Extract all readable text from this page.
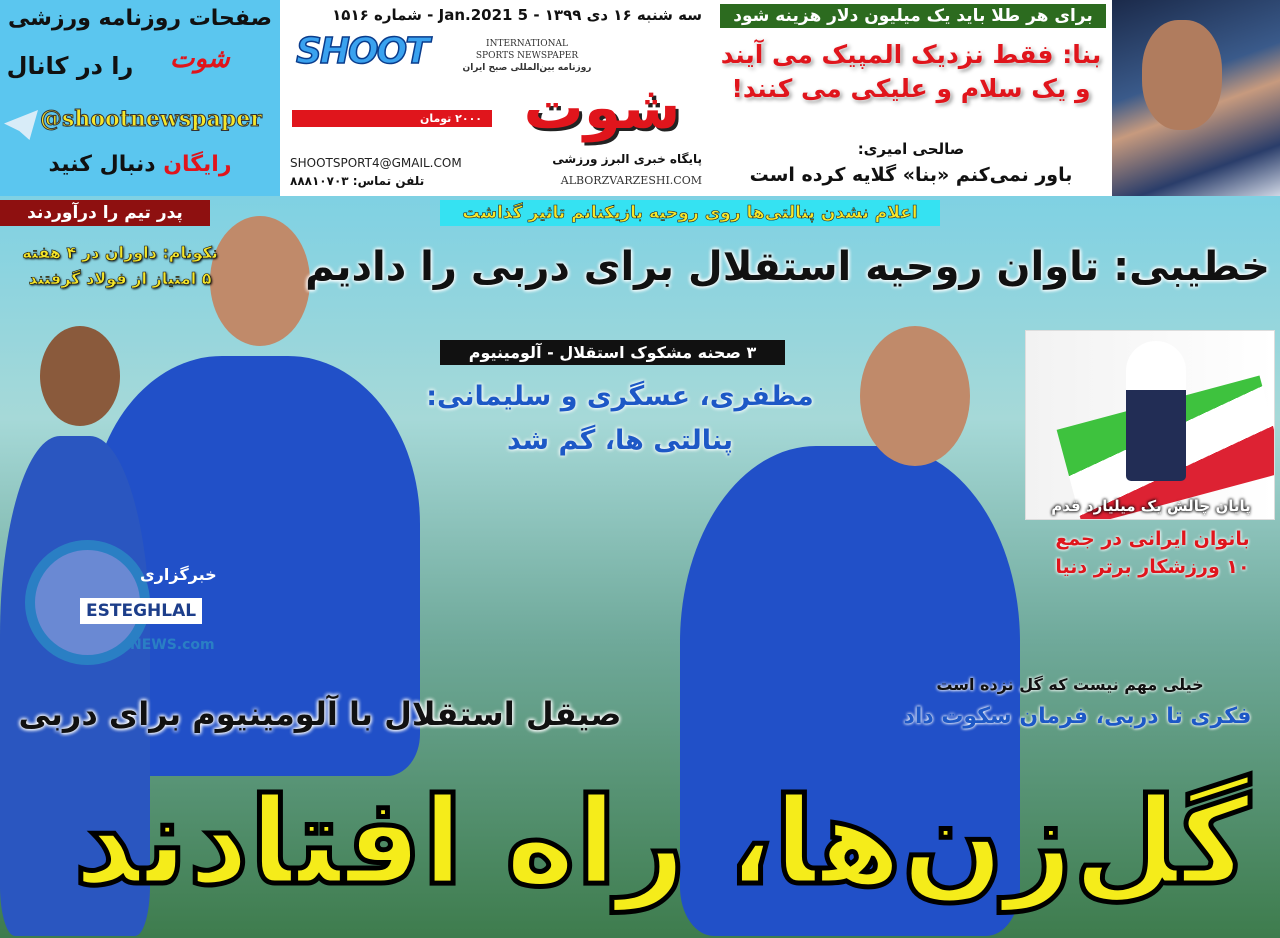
صفحات روزنامه ورزشی
شوت
را در کانال
@shootnewspaper
رایگان دنبال کنید
سه شنبه ۱۶ دی ۱۳۹۹ - 5 Jan.2021 - شماره ۱۵۱۶
SHOOT	INTERNATIONAL
SPORTS NEWSPAPER
روزنامه بین‌المللی صبح ایران
شوت
۲۰۰۰ تومان
SHOOTSPORT4@GMAIL.COM
تلفن تماس: ۸۸۸۱۰۷۰۳
پایگاه خبری البرز ورزشی
ALBORZVARZESHI.COM
برای هر طلا باید یک میلیون دلار هزینه شود
بنا: فقط نزدیک المپیک می آیند
و یک سلام و علیکی می کنند!
صالحی امیری:
باور نمی‌کنم «بنا» گلایه کرده است
اعلام نشدن پنالتی‌ها روی روحیه بازیکنانم تاثیر گذاشت
خطیبی: تاوان روحیه استقلال برای دربی را دادیم
پدر تیم را درآوردند
نکونام: داوران در ۴ هفته
۵ امتیاز از فولاد گرفتند
۳ صحنه مشکوک استقلال - آلومینیوم
مظفری، عسگری و سلیمانی:
پنالتی ها، گم شد
پایان چالش یک میلیارد قدم
بانوان ایرانی در جمع
۱۰ ورزشکار برتر دنیا
خیلی مهم نیست که گل نزده است
فکری تا دربی، فرمان سکوت داد
صیقل استقلال با آلومینیوم برای دربی
گل‌زن‌ها، راه افتادند
خبرگزاری
ESTEGHLAL
NEWS.com
